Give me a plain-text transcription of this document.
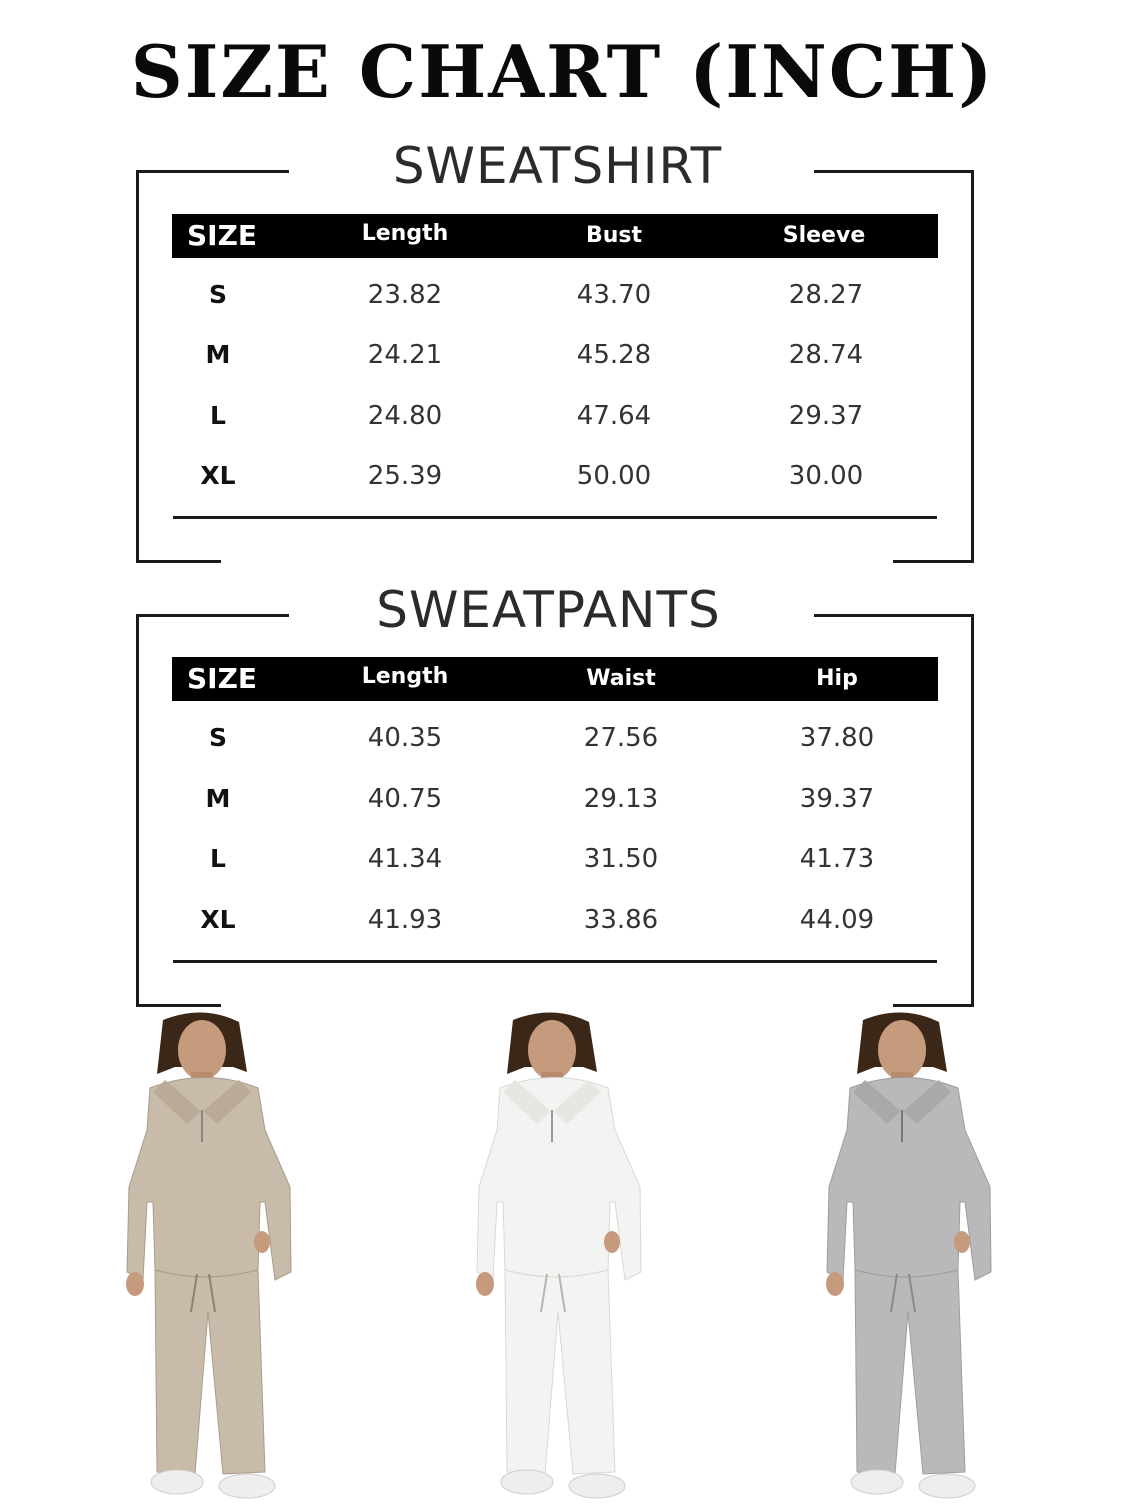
SIZE CHART (INCH)
SWEATSHIRT
SIZE	Length	Bust	Sleeve
S	23.82	43.70	28.27
M	24.21	45.28	28.74
L	24.80	47.64	29.37
XL	25.39	50.00	30.00
SWEATPANTS
SIZE	Length	Waist	Hip
S	40.35	27.56	37.80
M	40.75	29.13	39.37
L	41.34	31.50	41.73
XL	41.93	33.86	44.09
